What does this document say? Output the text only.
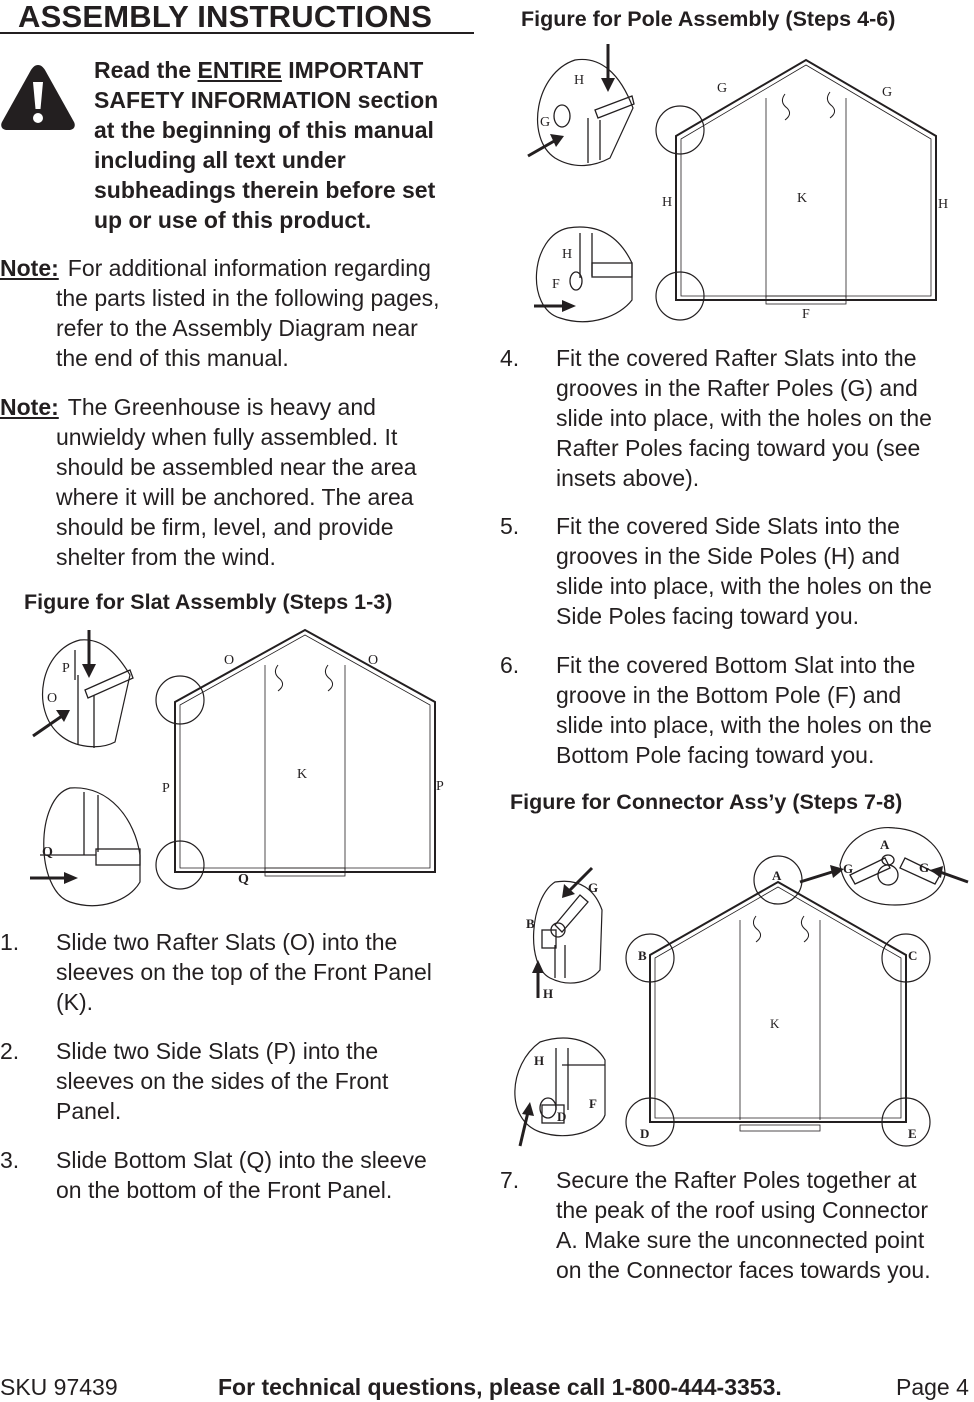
ASSEMBLY INSTRUCTIONS
Read the ENTIRE IMPORTANT
SAFETY INFORMATION section
at the beginning of this manual
including all text under
subheadings therein before set
up or use of this product.
Note: For additional information regarding
the parts listed in the following pages,
refer to the Assembly Diagram near
the end of this manual.
Note: The Greenhouse is heavy and
unwieldy when fully assembled. It
should be assembled near the area
where it will be anchored. The area
should be firm, level, and provide
shelter from the wind.
Figure for Slat Assembly (Steps 1-3)
O	O
P	P
K
Q
P
O
Q
1. Slide two Rafter Slats (O) into the
sleeves on the top of the Front Panel
(K).
2. Slide two Side Slats (P) into the
sleeves on the sides of the Front
Panel.
3. Slide Bottom Slat (Q) into the sleeve
on the bottom of the Front Panel.
Figure for Pole Assembly (Steps 4-6)
G	G
H	H
K
F
H
G
H
F
4. Fit the covered Rafter Slats into the
grooves in the Rafter Poles (G) and
slide into place, with the holes on the
Rafter Poles facing toward you (see
insets above).
5. Fit the covered Side Slats into the
grooves in the Side Poles (H) and
slide into place, with the holes on the
Side Poles facing toward you.
6. Fit the covered Bottom Slat into the
groove in the Bottom Pole (F) and
slide into place, with the holes on the
Bottom Pole facing toward you.
Figure for Connector Ass’y (Steps 7-8)
A
B	C
D	E
K
A
G	G
G
B
H
H
D
F
7. Secure the Rafter Poles together at
the peak of the roof using Connector
A. Make sure the unconnected point
on the Connector faces towards you.
SKU 97439	For technical questions, please call 1-800-444-3353.	Page 4
